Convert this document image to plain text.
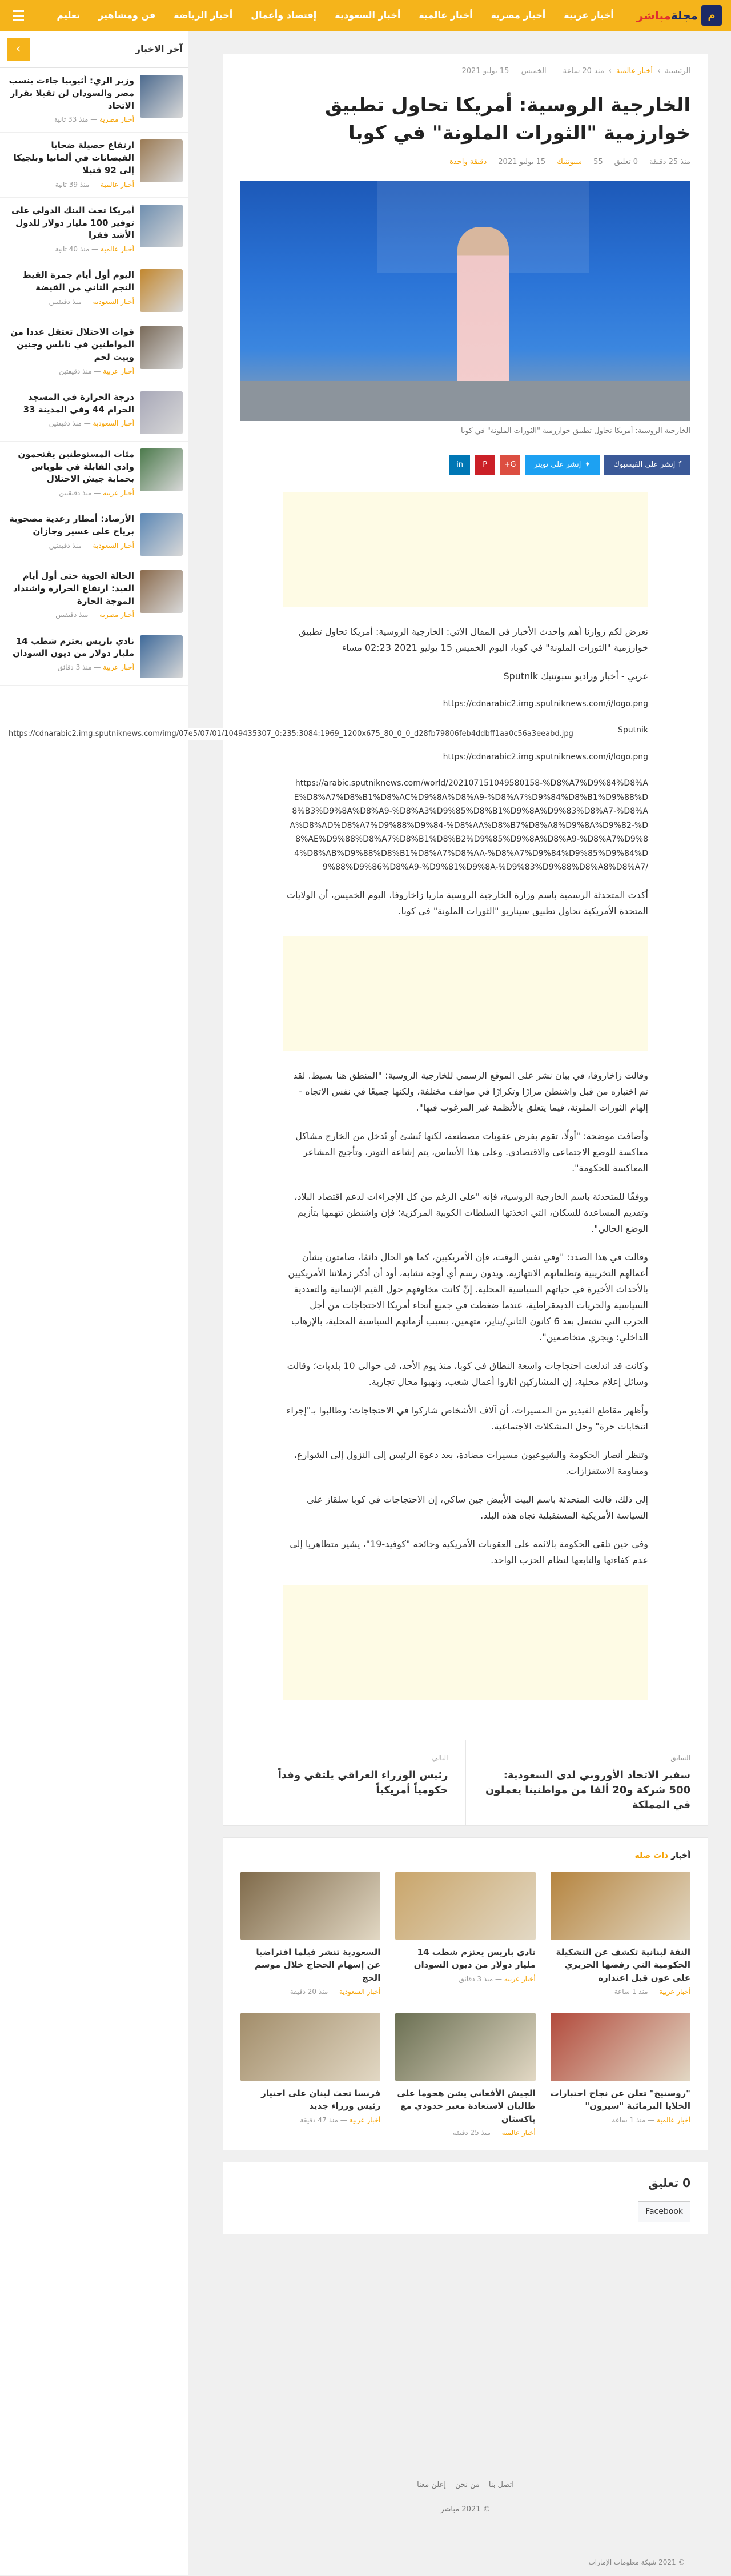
م
مجلةمباشر
أخبار عربية
أخبار مصرية
أخبار عالمية
أخبار السعودية
إقتصاد وأعمال
أخبار الرياضة
فن ومشاهير
تعليم
آخر الاخبار
›
وزير الري: أثيوبيا جاءت بنسب مصر والسودان لن تقبلا بقرار الاتحاد
أخبار مصرية — منذ 33 ثانية
ارتفاع حصيلة ضحايا الفيضانات في ألمانيا وبلجيكا إلى 92 قتيلا
أخبار عالمية — منذ 39 ثانية
أمريكا تحث البنك الدولي على توفير 100 مليار دولار للدول الأشد فقرا
أخبار عالمية — منذ 40 ثانية
اليوم أول أيام جمرة القيظ النجم الثاني من القيضة
أخبار السعودية — منذ دقيقتين
قوات الاحتلال تعتقل عددا من المواطنين في نابلس وجنين وبيت لحم
أخبار عربية — منذ دقيقتين
درجة الحرارة في المسجد الحرام 44 وفي المدينة 33
أخبار السعودية — منذ دقيقتين
مئات المستوطنين يقتحمون وادي القابلة في طوباس بحماية جيش الاحتلال
أخبار عربية — منذ دقيقتين
الأرصاد: أمطار رعدية مصحوبة برياح على عسير وجازان
أخبار السعودية — منذ دقيقتين
الحالة الجوية حتى أول أيام العيد: ارتفاع الحرارة واشتداد الموجة الحارة
أخبار مصرية — منذ دقيقتين
نادي باريس يعتزم شطب 14 مليار دولار من ديون السودان
أخبار عربية — منذ 3 دقائق
© 2021 شبكة معلومات الإمارات
الرئيسية
›
أخبار عالمية
›
منذ 20 ساعة
—
الخميس — 15 يوليو 2021
الخارجية الروسية: أمريكا تحاول تطبيق خوارزمية "الثورات الملونة" في كوبا
منذ 25 دقيقة
0 تعليق
55
سبوتنيك
15 يوليو 2021
دقيقة واحدة
الخارجية الروسية: أمريكا تحاول تطبيق خوارزمية "الثورات الملونة" في كوبا
f
إنشر على الفيسبوك
✦
إنشر على تويتر
G+
P
in

نعرض لكم زوارنا أهم وأحدث الأخبار فى المقال الاتي: الخارجية الروسية: أمريكا تحاول تطبيق خوارزمية "الثورات الملونة" في كوبا، اليوم الخميس 15 يوليو 2021 02:23 مساء

عربي - أخبار وراديو سبوتنيك Sputnik

https://cdnarabic2.img.sputniknews.com/i/logo.png

Sputnik

https://cdnarabic2.img.sputniknews.com/i/logo.png

https://arabic.sputniknews.com/world/202107151049580158-%D8%A7%D9%84%D8%AE%D8%A7%D8%B1%D8%AC%D9%8A%D8%A9-%D8%A7%D9%84%D8%B1%D9%88%D8%B3%D9%8A%D8%A9-%D8%A3%D9%85%D8%B1%D9%8A%D9%83%D8%A7-%D8%AA%D8%AD%D8%A7%D9%88%D9%84-%D8%AA%D8%B7%D8%A8%D9%8A%D9%82-%D8%AE%D9%88%D8%A7%D8%B1%D8%B2%D9%85%D9%8A%D8%A9-%D8%A7%D9%84%D8%AB%D9%88%D8%B1%D8%A7%D8%AA-%D8%A7%D9%84%D9%85%D9%84%D9%88%D9%86%D8%A9-%D9%81%D9%8A-%D9%83%D9%88%D8%A8%D8%A7/

أكدت المتحدثة الرسمية باسم وزارة الخارجية الروسية ماريا زاخاروفا، اليوم الخميس، أن الولايات المتحدة الأمريكية تحاول تطبيق سيناريو "الثورات الملونة" في كوبا.

وقالت زاخاروفا، في بيان نشر على الموقع الرسمي للخارجية الروسية: "المنطق هنا بسيط. لقد تم اختباره من قبل واشنطن مرارًا وتكرارًا في مواقف مختلفة، ولكنها جميعًا في نفس الاتجاه - إلهام الثورات الملونة، فيما يتعلق بالأنظمة غير المرغوب فيها".

وأضافت موضحة: "أولًا، تقوم بفرض عقوبات مصطنعة، لكنها تُنشئ أو تُدخل من الخارج مشاكل معاكسة للوضع الاجتماعي والاقتصادي. وعلى هذا الأساس، يتم إشاعة التوتر، وتأجيج المشاعر المعاكسة للحكومة".

ووفقًا للمتحدثة باسم الخارجية الروسية، فإنه "على الرغم من كل الإجراءات لدعم اقتصاد البلاد، وتقديم المساعدة للسكان، التي اتخذتها السلطات الكوبية المركزية؛ فإن واشنطن تتهمها بتأزيم الوضع الحالي".

وقالت في هذا الصدد: "وفي نفس الوقت، فإن الأمريكيين، كما هو الحال دائمًا، صامتون بشأن أعمالهم التخريبية وتطلعاتهم الانتهازية. ويدون رسم أي أوجه تشابه، أود أن أذكر زملائنا الأمريكيين بالأحداث الأخيرة في حياتهم السياسية المحلية. إنّ كانت مخاوفهم حول القيم الإنسانية والتعددية السياسية والحريات الديمقراطية، عندما ضغطت في جميع أنحاء أمريكا الاحتجاجات من أجل الحرب التي تشتعل بعد 6 كانون الثاني/يناير، متهمين، بسبب أزماتهم السياسية المحلية، بالإرهاب الداخلي؛ ويجري متخاصمين".

وكانت قد اندلعت احتجاجات واسعة النطاق في كوبا، منذ يوم الأحد، في حوالي 10 بلديات؛ وقالت وسائل إعلام محلية، إن المشاركين أثاروا أعمال شغب، ونهبوا محال تجارية.

وأظهر مقاطع الفيديو من المسيرات، أن آلاف الأشخاص شاركوا في الاحتجاجات؛ وطالبوا بـ"إجراء انتخابات حرة" وحل المشكلات الاجتماعية.

وتنظر أنصار الحكومة والشيوعيون مسيرات مضادة، بعد دعوة الرئيس إلى النزول إلى الشوارع، ومقاومة الاستفزازات.

إلى ذلك، قالت المتحدثة باسم البيت الأبيض جين ساكي، إن الاحتجاجات في كوبا سلقاز على السياسة الأمريكية المستقبلية تجاه هذه البلد.

وفي حين تلقي الحكومة بالائمة على العقوبات الأمريكية وجائحة "كوفيد-19"، يشير متظاهريا إلى عدم كفاءتها والتابعها لنظام الحزب الواحد.

السابق
سفير الاتحاد الأوروبي لدى السعودية: 500 شركة و20 ألفا من مواطنينا يعملون في المملكة
التالي
رئيس الوزراء العراقي يلتقي وفداً حكومياً أمريكياً
أخبار ذات صلة
النقة لبنانية تكشف عن التشكيلة الحكومية التي رفضها الحريري على عون قبل اعتذاره
أخبار عربية — منذ 1 ساعة
نادي باريس يعتزم شطب 14 مليار دولار من ديون السودان
أخبار عربية — منذ 3 دقائق
السعودية تنشر فيلما افتراضيا عن إسهام الحجاج خلال موسم الحج
أخبار السعودية — منذ 20 دقيقة
"روستيخ" تعلن عن نجاح اختبارات الخلايا البرمائية "سيرون"
أخبار عالمية — منذ 1 ساعة
الجيش الأفغاني يشن هجوما على طالبان لاستعادة معبر حدودي مع باكستان
أخبار عالمية — منذ 25 دقيقة
فرنسا تحث لبنان على اختيار رئيس وزراء جديد
أخبار عربية — منذ 47 دقيقة
0 تعليق
Facebook
https://cdnarabic2.img.sputniknews.com/img/07e5/07/01/1049435307_0:235:3084:1969_1200x675_80_0_0_d28fb79806feb4ddbff1aa0c56a3eeabd.jpg
اتصل بنا
من نحن
إعلن معنا
© 2021 مباشر
